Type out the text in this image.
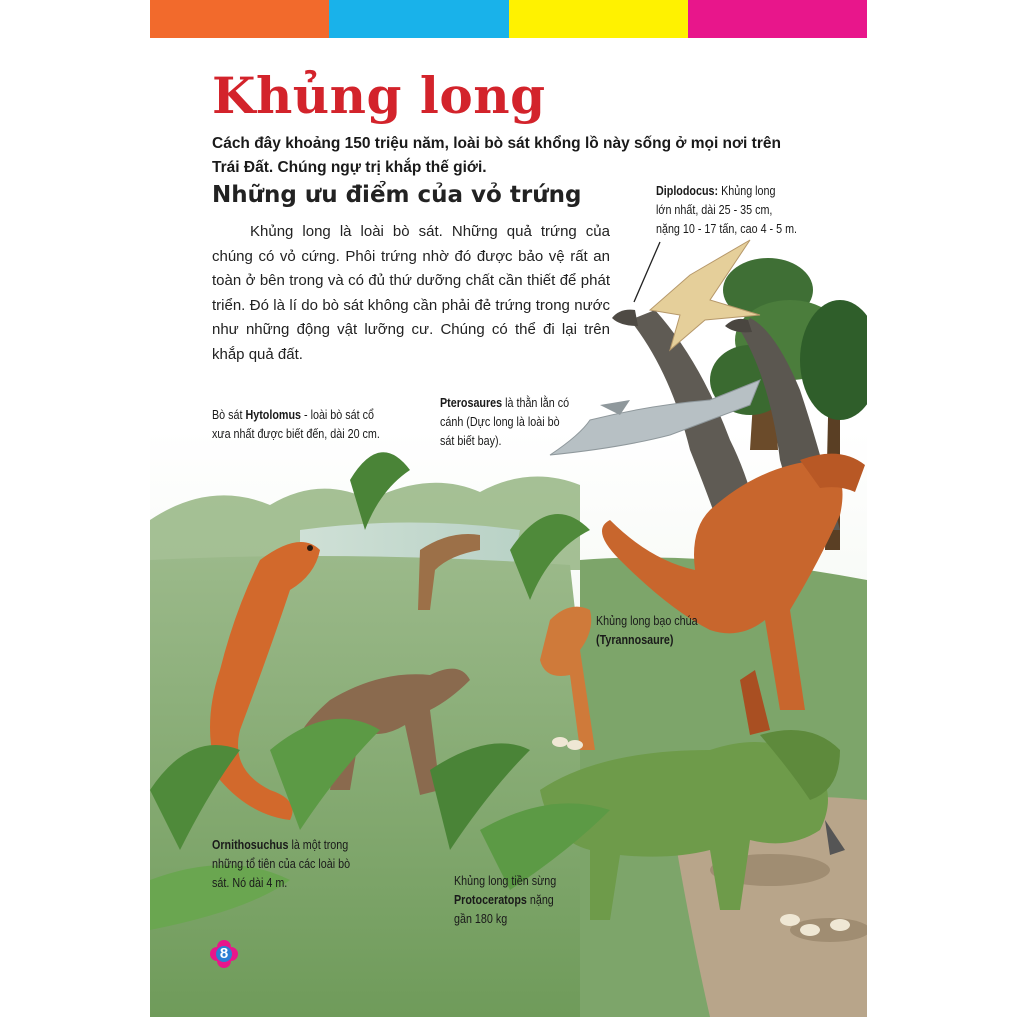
Khủng long

Cách đây khoảng 150 triệu năm, loài bò sát khổng lồ này sống ở mọi nơi trên Trái Đất. Chúng ngự trị khắp thế giới.

Những ưu điểm của vỏ trứng

Khủng long là loài bò sát. Những quả trứng của chúng có vỏ cứng. Phôi trứng nhờ đó được bảo vệ rất an toàn ở bên trong và có đủ thứ dưỡng chất cần thiết để phát triển. Đó là lí do bò sát không cần phải đẻ trứng trong nước như những động vật lưỡng cư. Chúng có thể đi lại trên khắp quả đất.

Diplodocus: Khủng long
lớn nhất, dài 25 - 35 cm,
nặng 10 - 17 tấn, cao 4 - 5 m.
Bò sát Hytolomus - loài bò sát cổ
xưa nhất được biết đến, dài 20 cm.
Pterosaures là thằn lằn có
cánh (Dực long là loài bò
sát biết bay).
Khủng long bạo chúa
(Tyrannosaure)
Ornithosuchus là một trong
những tổ tiên của các loài bò
sát. Nó dài 4 m.	Khủng long tiền sừng
Protoceratops nặng
gần 180 kg
8
